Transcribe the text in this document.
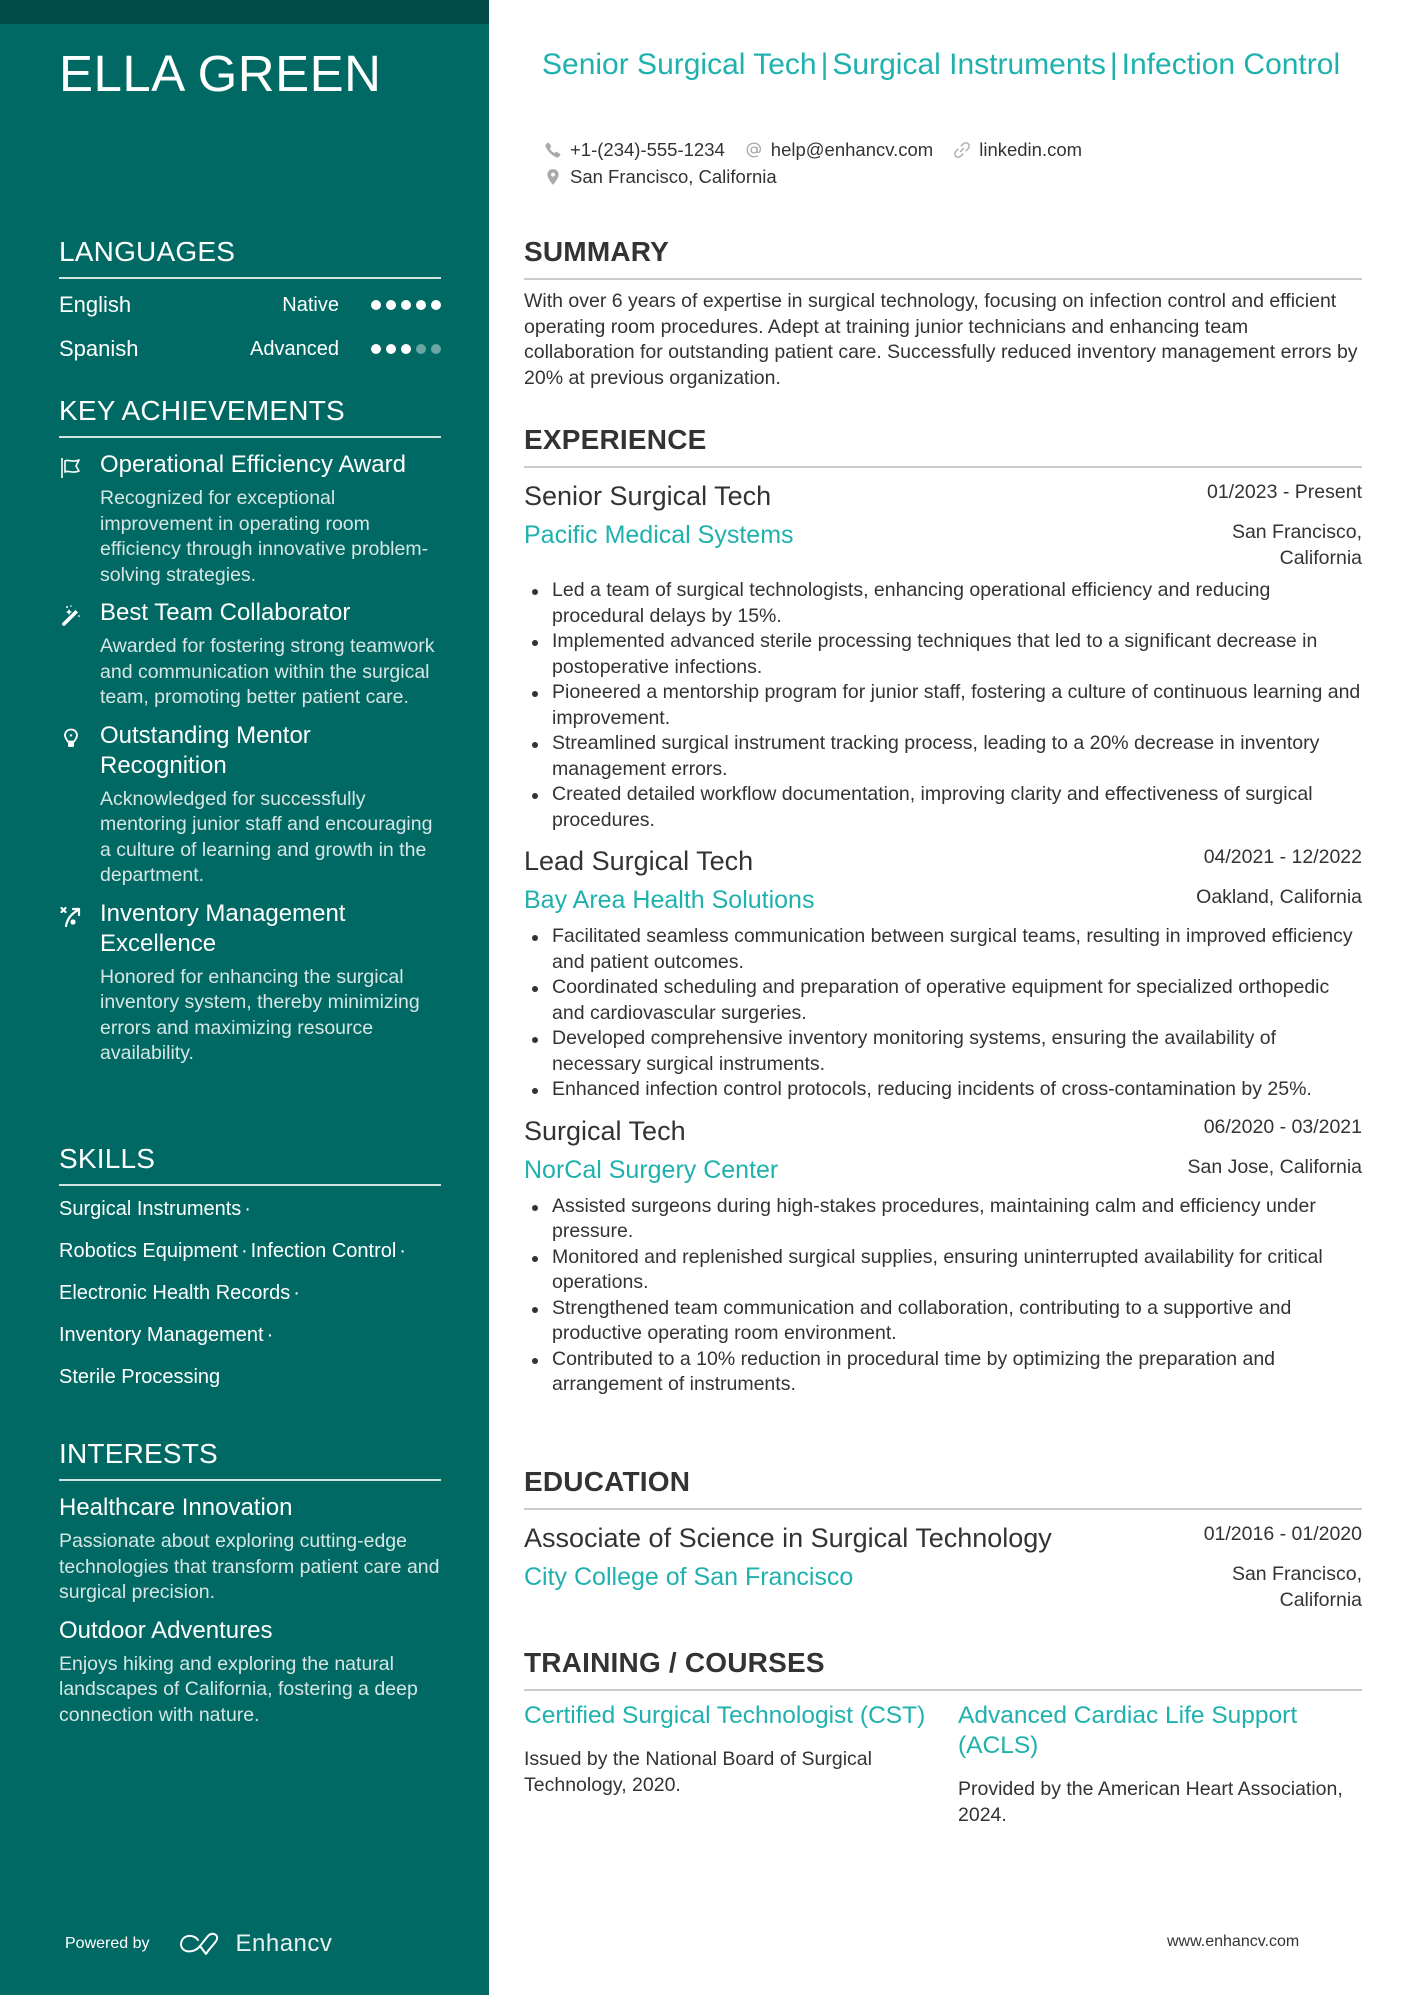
ELLA GREEN
LANGUAGES
English	Native
Spanish	Advanced
KEY ACHIEVEMENTS
Operational Efficiency Award
Recognized for exceptional improvement in operating room efficiency through innovative problem-solving strategies.
Best Team Collaborator
Awarded for fostering strong teamwork and communication within the surgical team, promoting better patient care.
Outstanding Mentor Recognition
Acknowledged for successfully mentoring junior staff and encouraging a culture of learning and growth in the department.
Inventory Management Excellence
Honored for enhancing the surgical inventory system, thereby minimizing errors and maximizing resource availability.
SKILLS
Surgical Instruments ·
Robotics Equipment · Infection Control ·
Electronic Health Records ·
Inventory Management ·
Sterile Processing
INTERESTS
Healthcare Innovation
Passionate about exploring cutting-edge technologies that transform patient care and surgical precision.
Outdoor Adventures
Enjoys hiking and exploring the natural landscapes of California, fostering a deep connection with nature.
Powered by	Enhancv
Senior Surgical Tech | Surgical Instruments | Infection Control
+1-(234)-555-1234 help@enhancv.com linkedin.com
San Francisco, California
SUMMARY

With over 6 years of expertise in surgical technology, focusing on infection control and efficient operating room procedures. Adept at training junior technicians and enhancing team collaboration for outstanding patient care. Successfully reduced inventory management errors by 20% at previous organization.

EXPERIENCE
Senior Surgical Tech	01/2023 - Present
Pacific Medical Systems	San Francisco, California
Led a team of surgical technologists, enhancing operational efficiency and reducing procedural delays by 15%.
Implemented advanced sterile processing techniques that led to a significant decrease in postoperative infections.
Pioneered a mentorship program for junior staff, fostering a culture of continuous learning and improvement.
Streamlined surgical instrument tracking process, leading to a 20% decrease in inventory management errors.
Created detailed workflow documentation, improving clarity and effectiveness of surgical procedures.
Lead Surgical Tech	04/2021 - 12/2022
Bay Area Health Solutions	Oakland, California
Facilitated seamless communication between surgical teams, resulting in improved efficiency and patient outcomes.
Coordinated scheduling and preparation of operative equipment for specialized orthopedic and cardiovascular surgeries.
Developed comprehensive inventory monitoring systems, ensuring the availability of necessary surgical instruments.
Enhanced infection control protocols, reducing incidents of cross-contamination by 25%.
Surgical Tech	06/2020 - 03/2021
NorCal Surgery Center	San Jose, California
Assisted surgeons during high-stakes procedures, maintaining calm and efficiency under pressure.
Monitored and replenished surgical supplies, ensuring uninterrupted availability for critical operations.
Strengthened team communication and collaboration, contributing to a supportive and productive operating room environment.
Contributed to a 10% reduction in procedural time by optimizing the preparation and arrangement of instruments.
EDUCATION
Associate of Science in Surgical Technology	01/2016 - 01/2020
City College of San Francisco	San Francisco, California
TRAINING / COURSES
Certified Surgical Technologist (CST)
Issued by the National Board of Surgical Technology, 2020.
Advanced Cardiac Life Support (ACLS)
Provided by the American Heart Association, 2024.
www.enhancv.com
